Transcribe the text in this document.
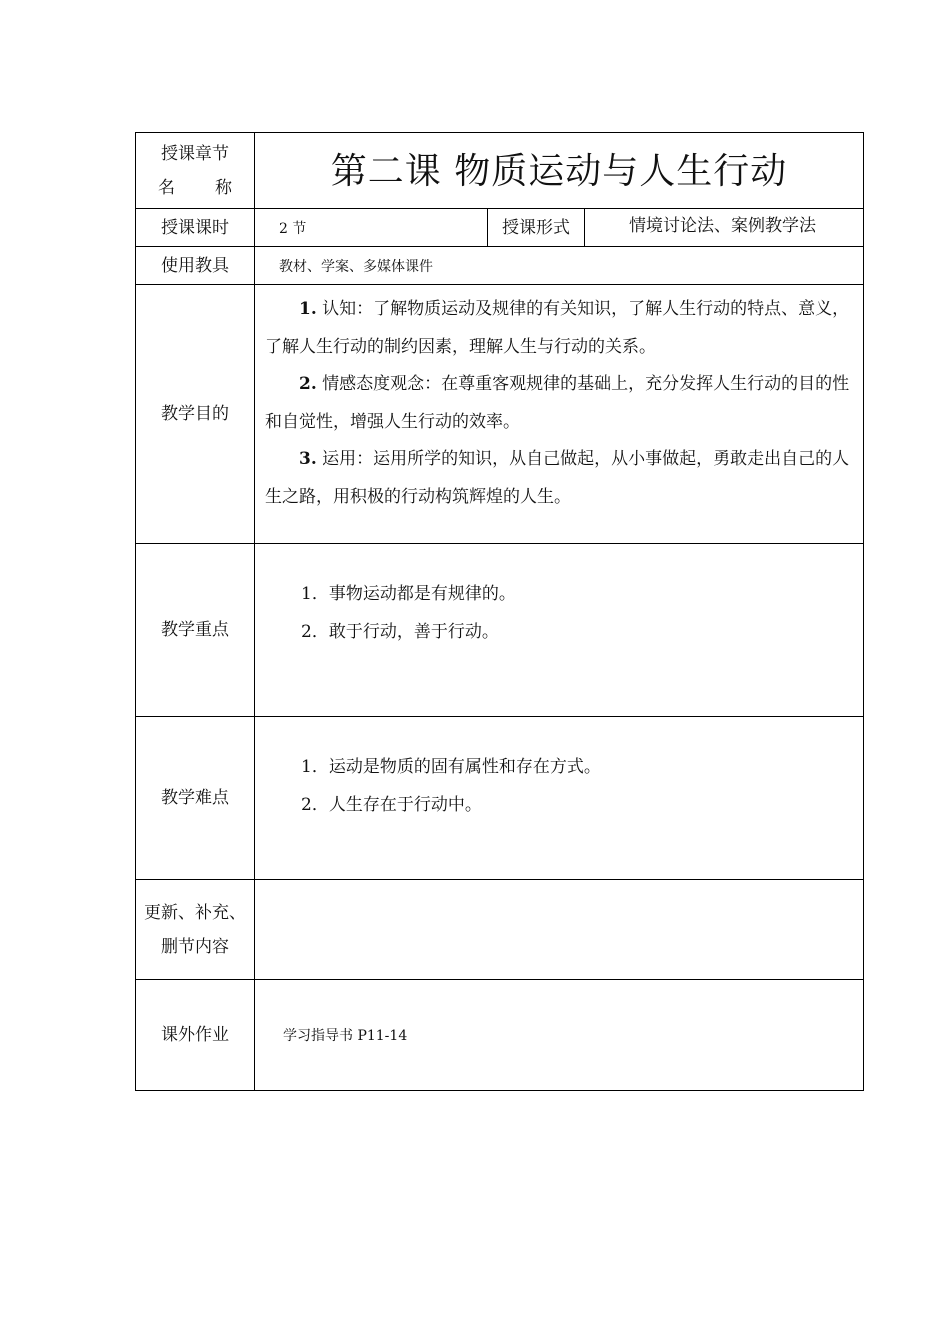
授课章节
名 称	第二课 物质运动与人生行动		

授课课时	2 节	授课形式	情境讨论法、案例教学法
使用教具	教材、学案、多媒体课件		
教学目的	1. 认知：了解物质运动及规律的有关知识，了解人生行动的特点、意义，了解人生行动的制约因素，理解人生与行动的关系。

2. 情感态度观念：在尊重客观规律的基础上，充分发挥人生行动的目的性和自觉性，增强人生行动的效率。

3. 运用：运用所学的知识，从自己做起，从小事做起，勇敢走出自己的人生之路，用积极的行动构筑辉煌的人生。		

教学重点	1．事物运动都是有规律的。

2．敢于行动，善于行动。		

教学难点	1．运动是物质的固有属性和存在方式。

2．人生存在于行动中。		

更新、补充、
删节内容			

课外作业	学习指导书 P11-14		
